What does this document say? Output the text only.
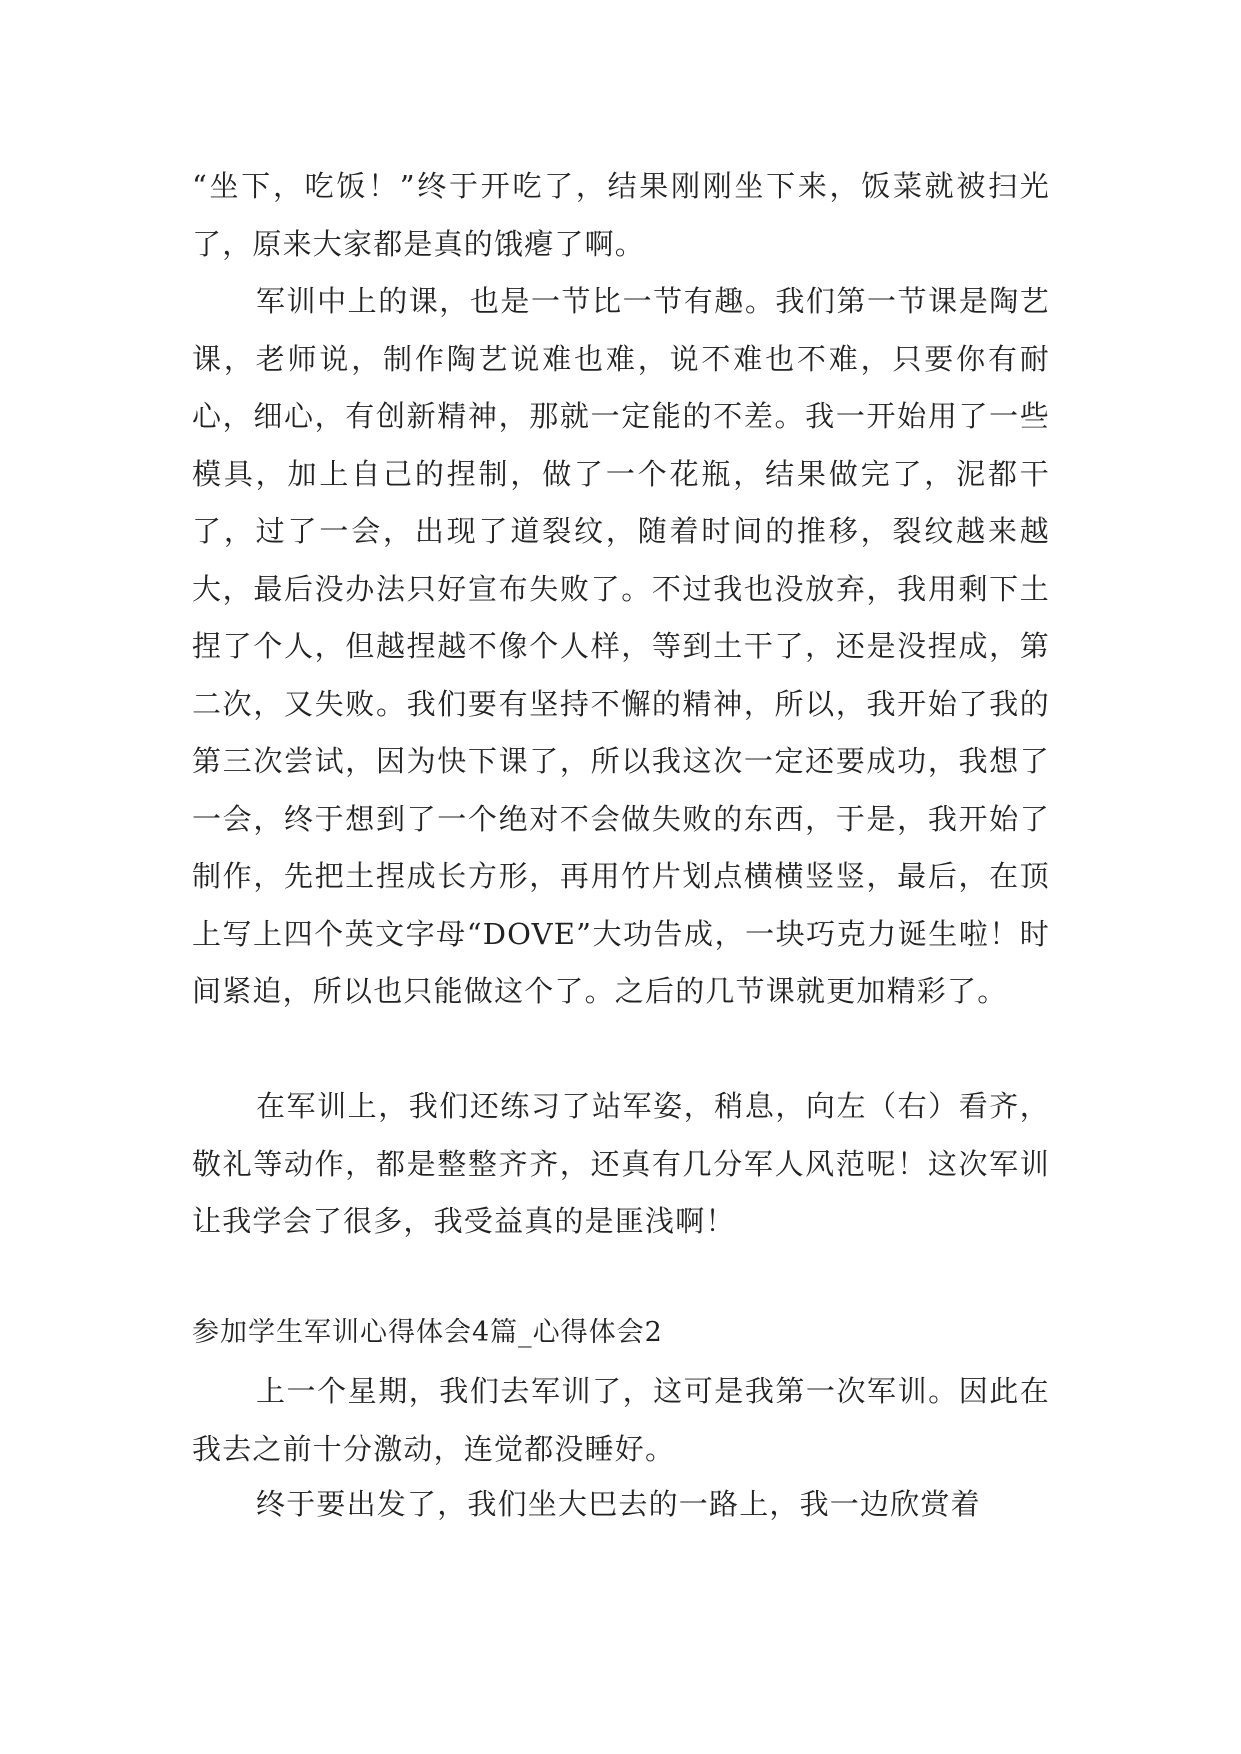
“坐下，吃饭！”终于开吃了，结果刚刚坐下来，饭菜就被扫光了，原来大家都是真的饿瘪了啊。

军训中上的课，也是一节比一节有趣。我们第一节课是陶艺课，老师说，制作陶艺说难也难，说不难也不难，只要你有耐心，细心，有创新精神，那就一定能的不差。我一开始用了一些模具，加上自己的捏制，做了一个花瓶，结果做完了，泥都干了，过了一会，出现了道裂纹，随着时间的推移，裂纹越来越大，最后没办法只好宣布失败了。不过我也没放弃，我用剩下土捏了个人，但越捏越不像个人样，等到土干了，还是没捏成，第二次，又失败。我们要有坚持不懈的精神，所以，我开始了我的第三次尝试，因为快下课了，所以我这次一定还要成功，我想了一会，终于想到了一个绝对不会做失败的东西，于是，我开始了制作，先把土捏成长方形，再用竹片划点横横竖竖，最后，在顶上写上四个英文字母“DOVE”大功告成，一块巧克力诞生啦！时间紧迫，所以也只能做这个了。之后的几节课就更加精彩了。

在军训上，我们还练习了站军姿，稍息，向左（右）看齐，敬礼等动作，都是整整齐齐，还真有几分军人风范呢！这次军训让我学会了很多，我受益真的是匪浅啊！

参加学生军训心得体会4篇_心得体会2

上一个星期，我们去军训了，这可是我第一次军训。因此在我去之前十分激动，连觉都没睡好。

终于要出发了，我们坐大巴去的一路上，我一边欣赏着
